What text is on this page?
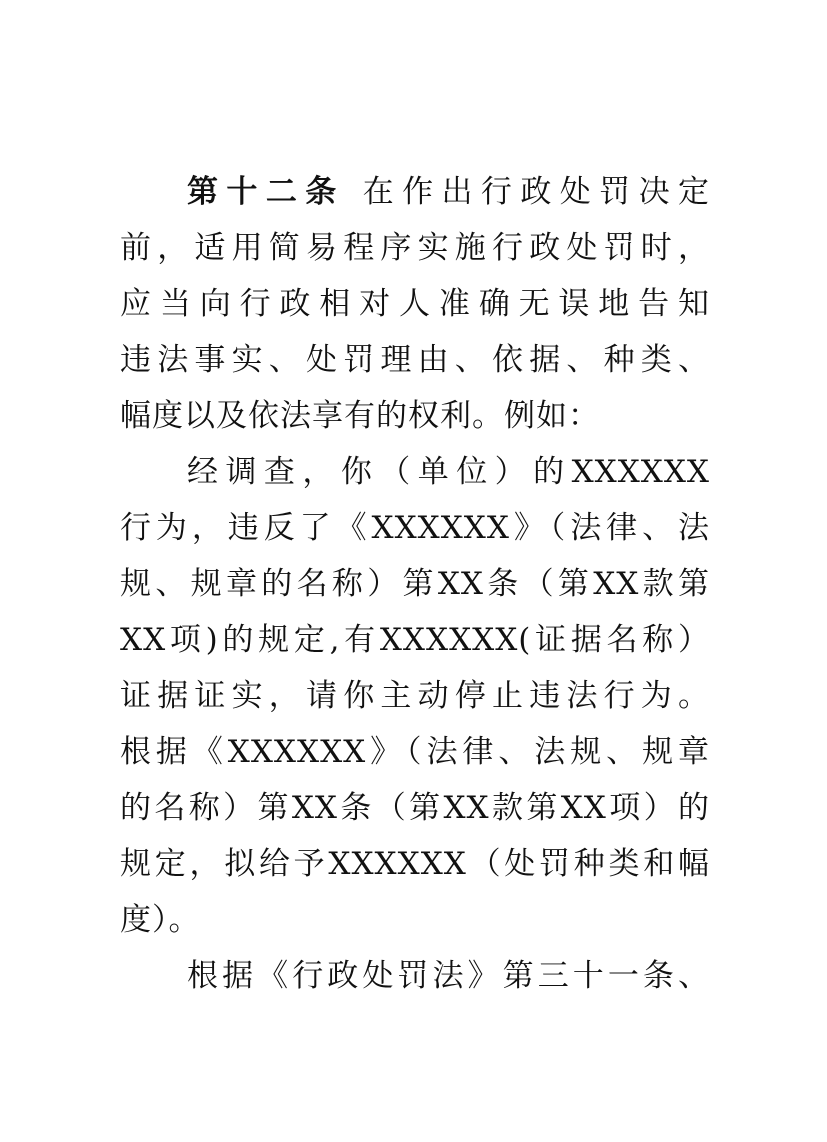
第十二条 在作出行政处罚决定
前，适用简易程序实施行政处罚时，
应当向行政相对人准确无误地告知
违法事实、处罚理由、依据、种类、
幅度以及依法享有的权利。例如：
经调查，你（单位）的XXXXXX
行为，违反了《XXXXXX》（法律、法
规、规章的名称）第XX条（第XX款第
XX项)的规定,有XXXXXX(证据名称）
证据证实，请你主动停止违法行为。
根据《XXXXXX》（法律、法规、规章
的名称）第XX条（第XX款第XX项）的
规定，拟给予XXXXXX（处罚种类和幅
度）。
根据《行政处罚法》第三十一条、
